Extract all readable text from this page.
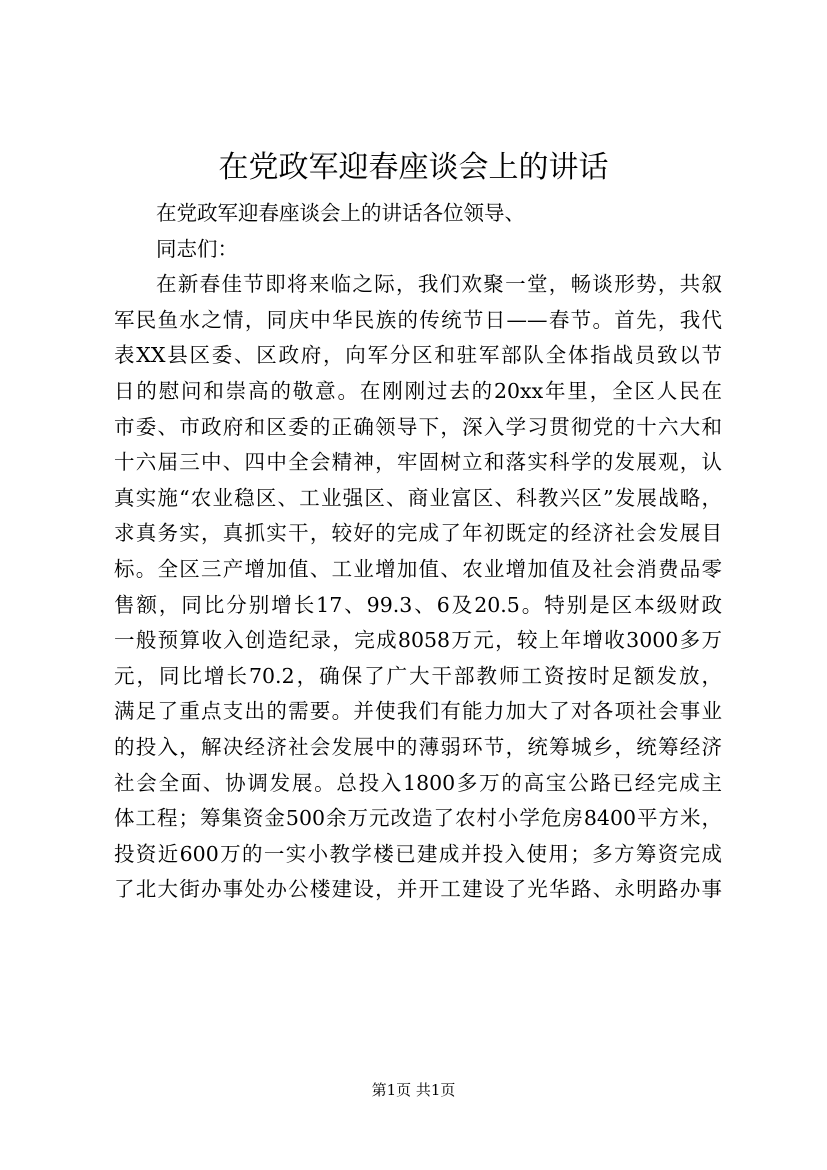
在党政军迎春座谈会上的讲话
在党政军迎春座谈会上的讲话各位领导、
同志们：
在新春佳节即将来临之际，我们欢聚一堂，畅谈形势，共叙
军民鱼水之情，同庆中华民族的传统节日——春节。首先，我代
表XX县区委、区政府，向军分区和驻军部队全体指战员致以节
日的慰问和崇高的敬意。在刚刚过去的20xx年里，全区人民在
市委、市政府和区委的正确领导下，深入学习贯彻党的十六大和
十六届三中、四中全会精神，牢固树立和落实科学的发展观，认
真实施“农业稳区、工业强区、商业富区、科教兴区”发展战略，
求真务实，真抓实干，较好的完成了年初既定的经济社会发展目
标。全区三产增加值、工业增加值、农业增加值及社会消费品零
售额，同比分别增长17、99.3、6及20.5。特别是区本级财政
一般预算收入创造纪录，完成8058万元，较上年增收3000多万
元，同比增长70.2，确保了广大干部教师工资按时足额发放，
满足了重点支出的需要。并使我们有能力加大了对各项社会事业
的投入，解决经济社会发展中的薄弱环节，统筹城乡，统筹经济
社会全面、协调发展。总投入1800多万的高宝公路已经完成主
体工程；筹集资金500余万元改造了农村小学危房8400平方米，
投资近600万的一实小教学楼已建成并投入使用；多方筹资完成
了北大街办事处办公楼建设，并开工建设了光华路、永明路办事
第1页 共1页
